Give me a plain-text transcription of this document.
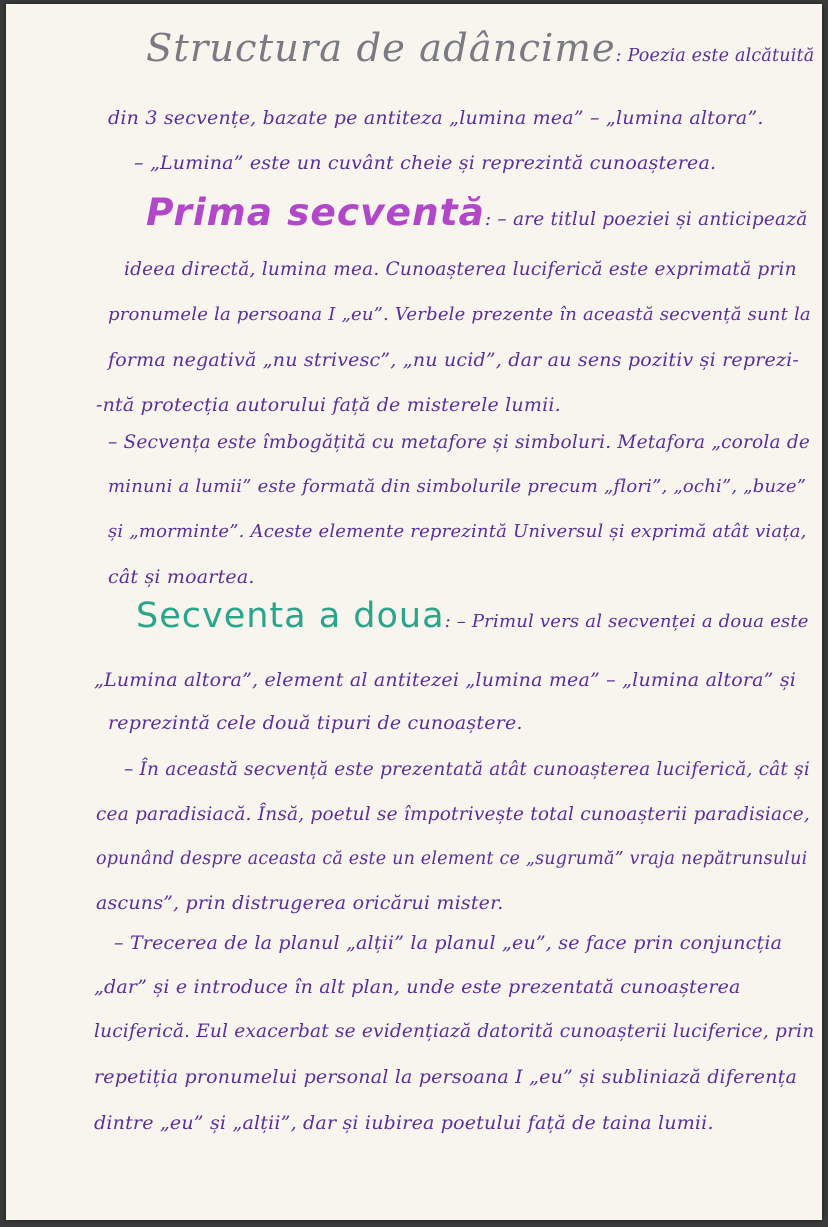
Structura de adâncime: Poezia este alcătuită
din 3 secvențe, bazate pe antiteza „lumina mea” – „lumina altora”.
– „Lumina” este un cuvânt cheie și reprezintă cunoașterea.
Prima secventă: – are titlul poeziei și anticipează
ideea directă, lumina mea. Cunoașterea luciferică este exprimată prin
pronumele la persoana I „eu”. Verbele prezente în această secvență sunt la
forma negativă „nu strivesc”, „nu ucid”, dar au sens pozitiv și reprezi-
-ntă protecția autorului față de misterele lumii.
– Secvența este îmbogățită cu metafore și simboluri. Metafora „corola de
minuni a lumii” este formată din simbolurile precum „flori”, „ochi”, „buze”
și „morminte”. Aceste elemente reprezintă Universul și exprimă atât viața,
cât și moartea.
Secventa a doua: – Primul vers al secvenței a doua este
„Lumina altora”, element al antitezei „lumina mea” – „lumina altora” și
reprezintă cele două tipuri de cunoaștere.
– În această secvență este prezentată atât cunoașterea luciferică, cât și
cea paradisiacă. Însă, poetul se împotrivește total cunoașterii paradisiace,
opunând despre aceasta că este un element ce „sugrumă” vraja nepătrunsului
ascuns”, prin distrugerea oricărui mister.
– Trecerea de la planul „alții” la planul „eu”, se face prin conjuncția
„dar” și e introduce în alt plan, unde este prezentată cunoașterea
luciferică. Eul exacerbat se evidențiază datorită cunoașterii luciferice, prin
repetiția pronumelui personal la persoana I „eu” și subliniază diferența
dintre „eu” și „alții”, dar și iubirea poetului față de taina lumii.
